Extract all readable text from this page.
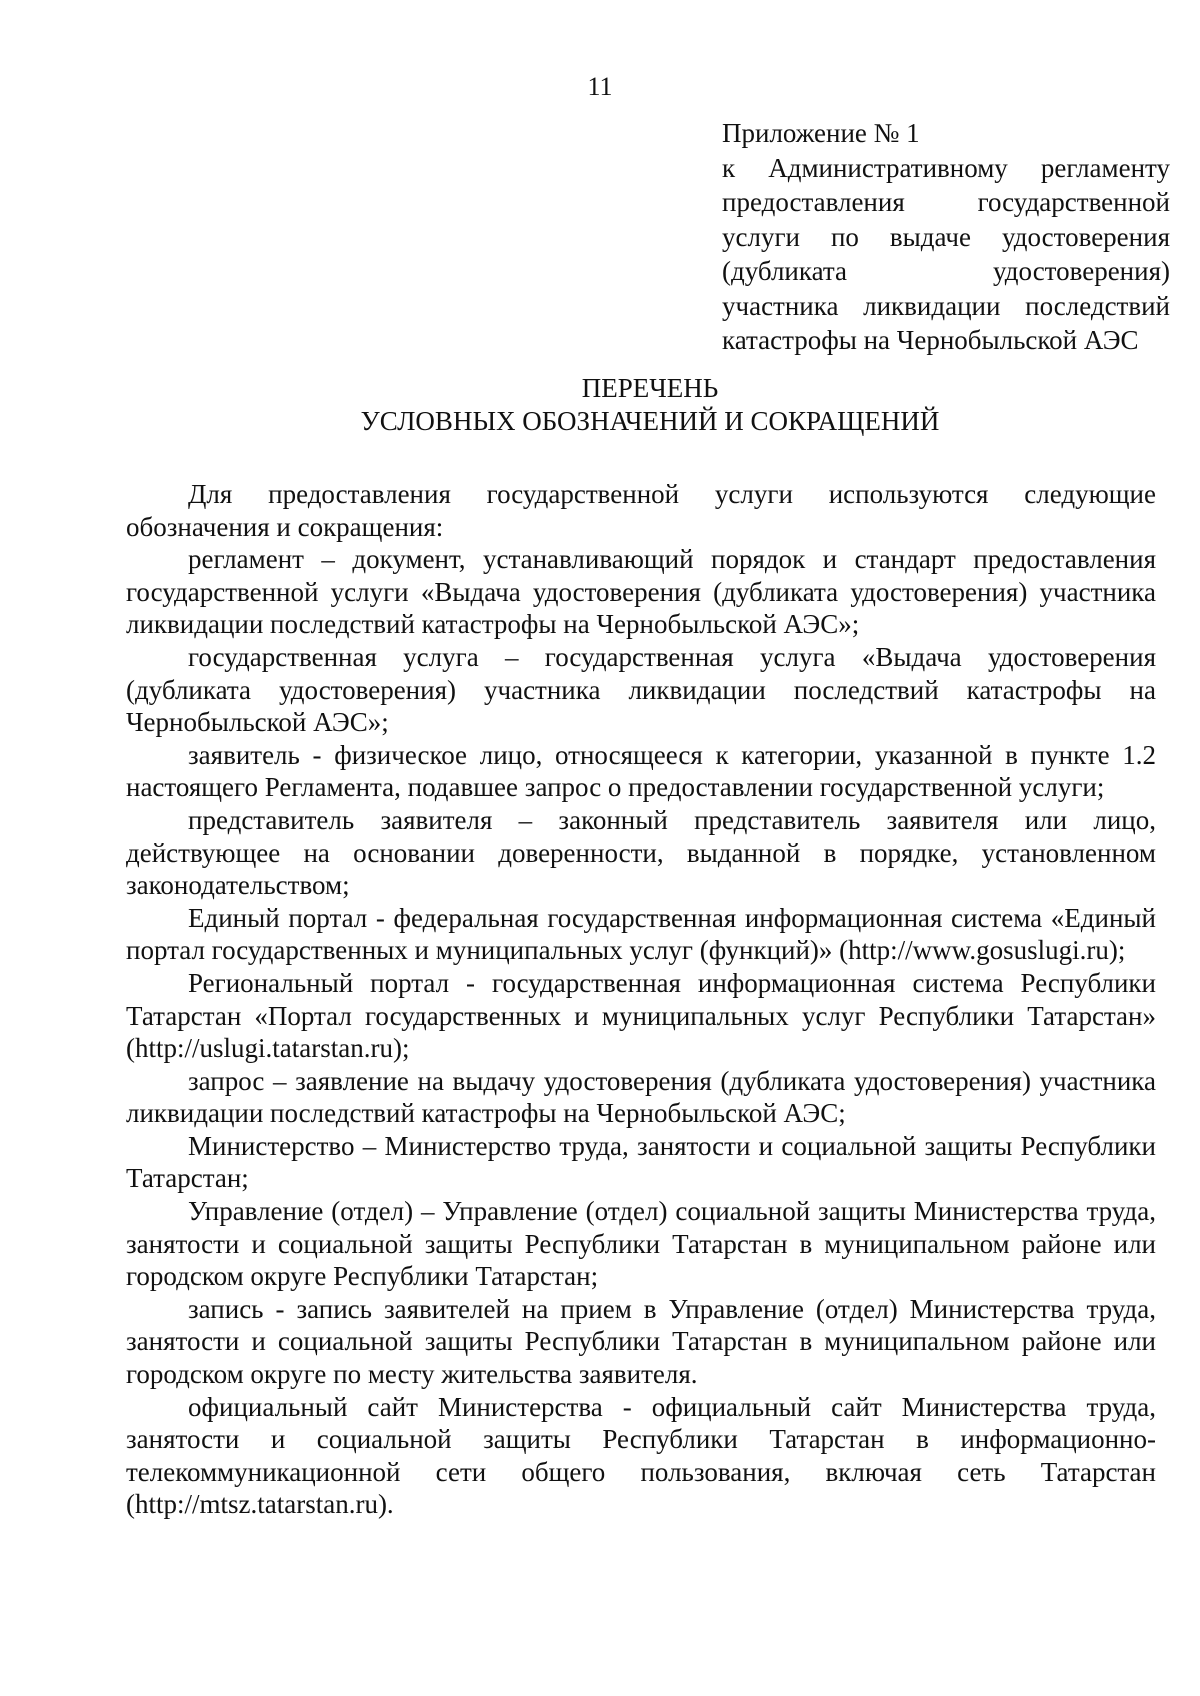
11
Приложение № 1
к Административному регламенту
предоставления государственной
услуги по выдаче удостоверения
(дубликата удостоверения)
участника ликвидации последствий
катастрофы на Чернобыльской АЭС
ПЕРЕЧЕНЬ
УСЛОВНЫХ ОБОЗНАЧЕНИЙ И СОКРАЩЕНИЙ

Для предоставления государственной услуги используются следующие обозначения и сокращения:

регламент – документ, устанавливающий порядок и стандарт предоставления государственной услуги «Выдача удостоверения (дубликата удостоверения) участника ликвидации последствий катастрофы на Чернобыльской АЭС»;

государственная услуга – государственная услуга «Выдача удостоверения (дубликата удостоверения) участника ликвидации последствий катастрофы на Чернобыльской АЭС»;

заявитель - физическое лицо, относящееся к категории, указанной в пункте 1.2 настоящего Регламента, подавшее запрос о предоставлении государственной услуги;

представитель заявителя – законный представитель заявителя или лицо, действующее на основании доверенности, выданной в порядке, установленном законодательством;

Единый портал - федеральная государственная информационная система «Единый портал государственных и муниципальных услуг (функций)» (http://www.gosuslugi.ru);

Региональный портал - государственная информационная система Республики Татарстан «Портал государственных и муниципальных услуг Республики Татарстан» (http://uslugi.tatarstan.ru);

запрос – заявление на выдачу удостоверения (дубликата удостоверения) участника ликвидации последствий катастрофы на Чернобыльской АЭС;

Министерство – Министерство труда, занятости и социальной защиты Республики Татарстан;

Управление (отдел) – Управление (отдел) социальной защиты Министерства труда, занятости и социальной защиты Республики Татарстан в муниципальном районе или городском округе Республики Татарстан;

запись - запись заявителей на прием в Управление (отдел) Министерства труда, занятости и социальной защиты Республики Татарстан в муниципальном районе или городском округе по месту жительства заявителя.

официальный сайт Министерства - официальный сайт Министерства труда, занятости и социальной защиты Республики Татарстан в информационно-телекоммуникационной сети общего пользования, включая сеть Татарстан (http://mtsz.tatarstan.ru).
